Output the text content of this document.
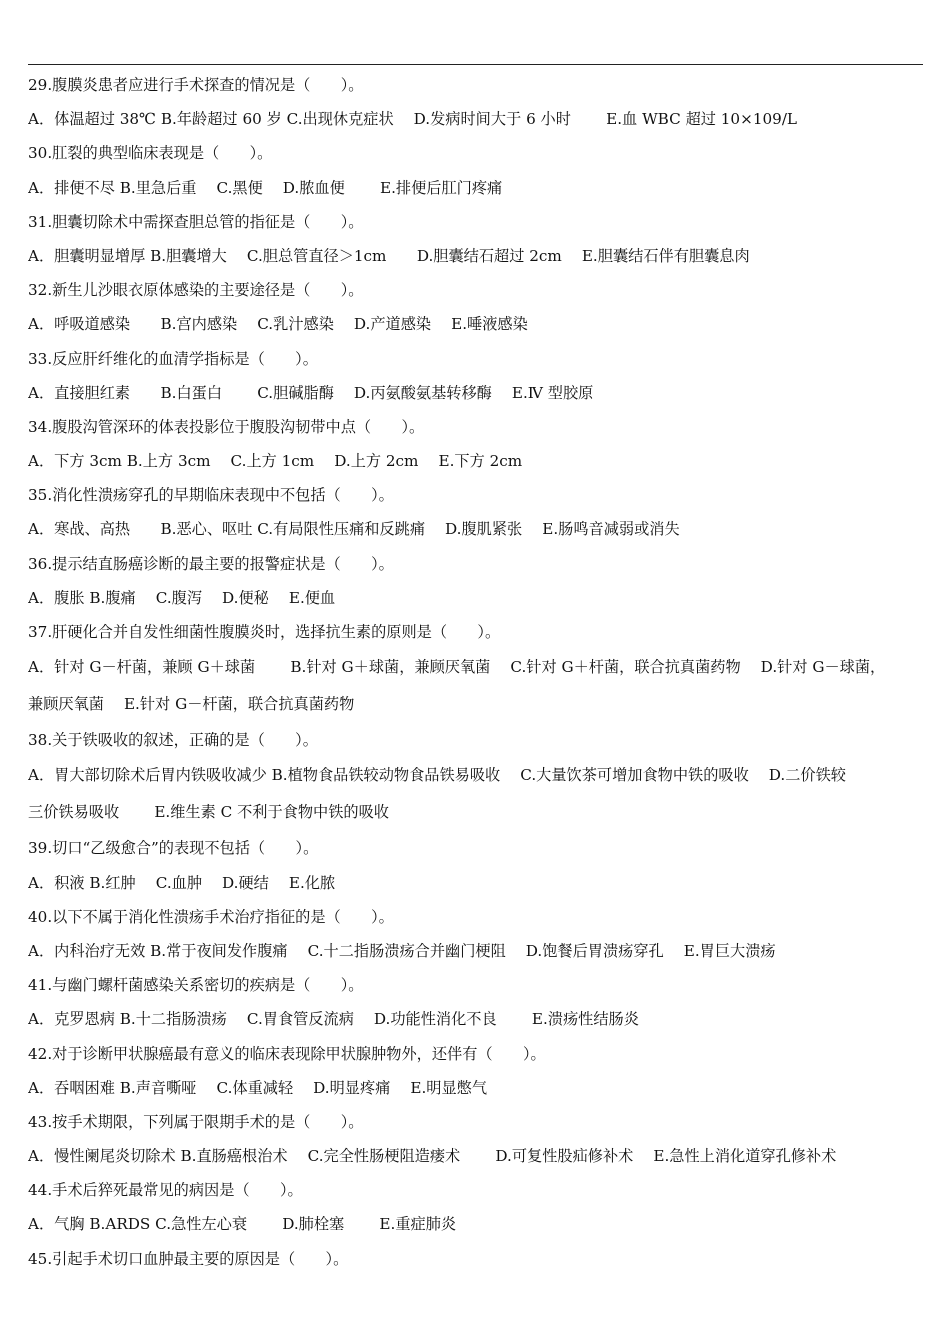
29.腹膜炎患者应进行手术探查的情况是（　　）。
A．体温超过 38℃ B.年龄超过 60 岁 C.出现休克症状　 D.发病时间大于 6 小时　　 E.血 WBC 超过 10×109/L
30.肛裂的典型临床表现是（　　）。
A．排便不尽 B.里急后重　 C.黑便　 D.脓血便　　 E.排便后肛门疼痛
31.胆囊切除术中需探查胆总管的指征是（　　）。
A．胆囊明显增厚 B.胆囊增大　 C.胆总管直径＞1cm　　D.胆囊结石超过 2cm　 E.胆囊结石伴有胆囊息肉
32.新生儿沙眼衣原体感染的主要途径是（　　）。
A．呼吸道感染　　B.宫内感染　 C.乳汁感染　 D.产道感染　 E.唾液感染
33.反应肝纤维化的血清学指标是（　　）。
A．直接胆红素　　B.白蛋白　　 C.胆碱脂酶　 D.丙氨酸氨基转移酶　 E.Ⅳ 型胶原
34.腹股沟管深环的体表投影位于腹股沟韧带中点（　　）。
A．下方 3cm B.上方 3cm　 C.上方 1cm　 D.上方 2cm　 E.下方 2cm
35.消化性溃疡穿孔的早期临床表现中不包括（　　）。
A．寒战、高热　　B.恶心、呕吐 C.有局限性压痛和反跳痛　 D.腹肌紧张　 E.肠鸣音减弱或消失
36.提示结直肠癌诊断的最主要的报警症状是（　　）。
A．腹胀 B.腹痛　 C.腹泻　 D.便秘　 E.便血
37.肝硬化合并自发性细菌性腹膜炎时，选择抗生素的原则是（　　）。
A．针对 G－杆菌，兼顾 G＋球菌　　 B.针对 G＋球菌，兼顾厌氧菌　 C.针对 G＋杆菌，联合抗真菌药物　 D.针对 G－球菌，
兼顾厌氧菌　 E.针对 G－杆菌，联合抗真菌药物
38.关于铁吸收的叙述，正确的是（　　）。
A．胃大部切除术后胃内铁吸收减少 B.植物食品铁较动物食品铁易吸收　 C.大量饮茶可增加食物中铁的吸收　 D.二价铁较
三价铁易吸收　　 E.维生素 C 不利于食物中铁的吸收
39.切口“乙级愈合”的表现不包括（　　）。
A．积液 B.红肿　 C.血肿　 D.硬结　 E.化脓
40.以下不属于消化性溃疡手术治疗指征的是（　　）。
A．内科治疗无效 B.常于夜间发作腹痛　 C.十二指肠溃疡合并幽门梗阻　 D.饱餐后胃溃疡穿孔　 E.胃巨大溃疡
41.与幽门螺杆菌感染关系密切的疾病是（　　）。
A．克罗恩病 B.十二指肠溃疡　 C.胃食管反流病　 D.功能性消化不良　　 E.溃疡性结肠炎
42.对于诊断甲状腺癌最有意义的临床表现除甲状腺肿物外，还伴有（　　）。
A．吞咽困难 B.声音嘶哑　 C.体重减轻　 D.明显疼痛　 E.明显憋气
43.按手术期限，下列属于限期手术的是（　　）。
A．慢性阑尾炎切除术 B.直肠癌根治术　 C.完全性肠梗阻造瘘术　　 D.可复性股疝修补术　 E.急性上消化道穿孔修补术
44.手术后猝死最常见的病因是（　　）。
A．气胸 B.ARDS C.急性左心衰　　 D.肺栓塞　　 E.重症肺炎
45.引起手术切口血肿最主要的原因是（　　）。
